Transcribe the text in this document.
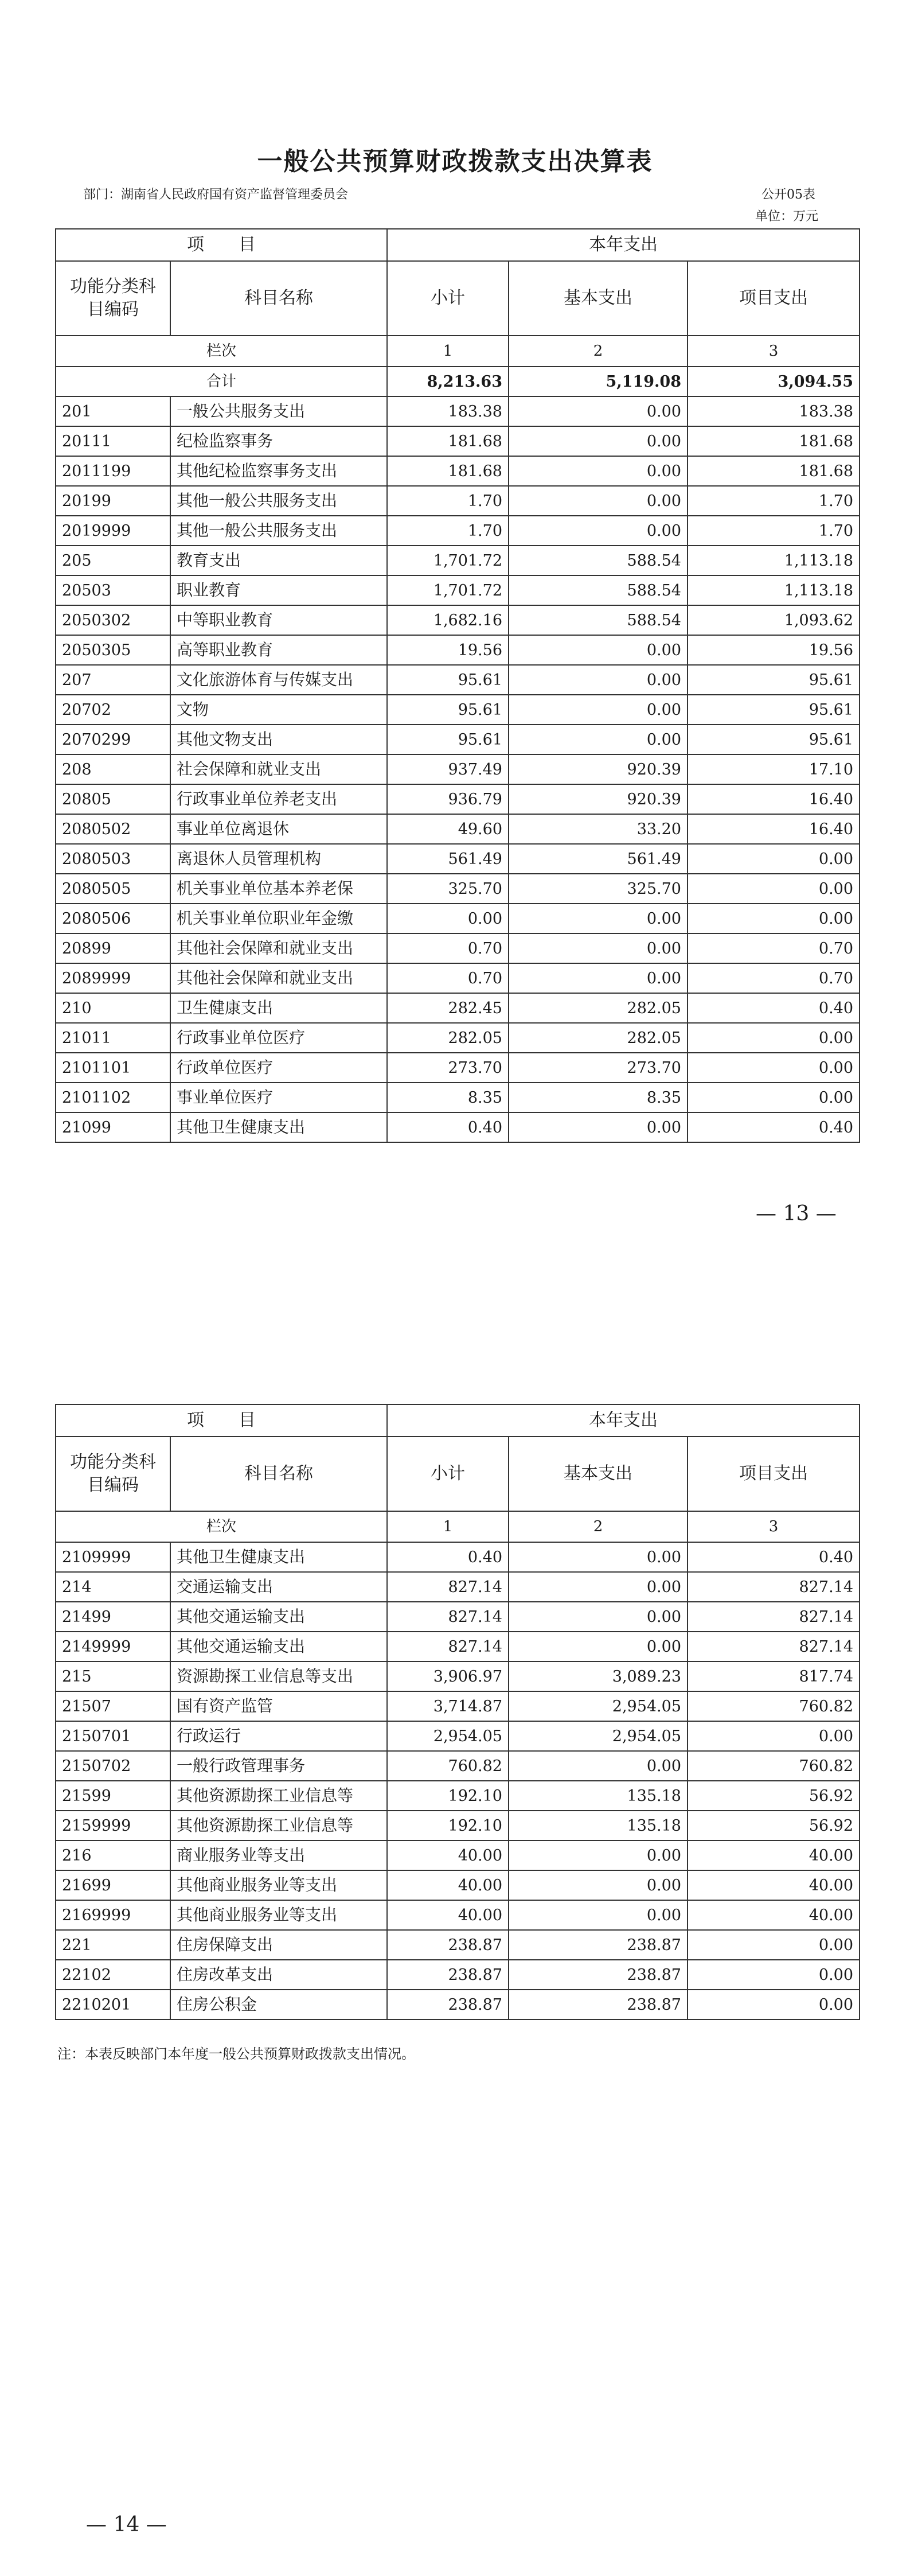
一般公共预算财政拨款支出决算表
部门：湖南省人民政府国有资产监督管理委员会	公开05表
单位：万元
项　　目		本年支出		
功能分类科目编码	科目名称	小计	基本支出	项目支出
栏次		1	2	3
合计		8,213.63	5,119.08	3,094.55
201	一般公共服务支出	183.38	0.00	183.38
20111	纪检监察事务	181.68	0.00	181.68
2011199	其他纪检监察事务支出	181.68	0.00	181.68
20199	其他一般公共服务支出	1.70	0.00	1.70
2019999	其他一般公共服务支出	1.70	0.00	1.70
205	教育支出	1,701.72	588.54	1,113.18
20503	职业教育	1,701.72	588.54	1,113.18
2050302	中等职业教育	1,682.16	588.54	1,093.62
2050305	高等职业教育	19.56	0.00	19.56
207	文化旅游体育与传媒支出	95.61	0.00	95.61
20702	文物	95.61	0.00	95.61
2070299	其他文物支出	95.61	0.00	95.61
208	社会保障和就业支出	937.49	920.39	17.10
20805	行政事业单位养老支出	936.79	920.39	16.40
2080502	事业单位离退休	49.60	33.20	16.40
2080503	离退休人员管理机构	561.49	561.49	0.00
2080505	机关事业单位基本养老保	325.70	325.70	0.00
2080506	机关事业单位职业年金缴	0.00	0.00	0.00
20899	其他社会保障和就业支出	0.70	0.00	0.70
2089999	其他社会保障和就业支出	0.70	0.00	0.70
210	卫生健康支出	282.45	282.05	0.40
21011	行政事业单位医疗	282.05	282.05	0.00
2101101	行政单位医疗	273.70	273.70	0.00
2101102	事业单位医疗	8.35	8.35	0.00
21099	其他卫生健康支出	0.40	0.00	0.40
— 13 —
项　　目		本年支出		
功能分类科目编码	科目名称	小计	基本支出	项目支出
栏次		1	2	3
2109999	其他卫生健康支出	0.40	0.00	0.40
214	交通运输支出	827.14	0.00	827.14
21499	其他交通运输支出	827.14	0.00	827.14
2149999	其他交通运输支出	827.14	0.00	827.14
215	资源勘探工业信息等支出	3,906.97	3,089.23	817.74
21507	国有资产监管	3,714.87	2,954.05	760.82
2150701	行政运行	2,954.05	2,954.05	0.00
2150702	一般行政管理事务	760.82	0.00	760.82
21599	其他资源勘探工业信息等	192.10	135.18	56.92
2159999	其他资源勘探工业信息等	192.10	135.18	56.92
216	商业服务业等支出	40.00	0.00	40.00
21699	其他商业服务业等支出	40.00	0.00	40.00
2169999	其他商业服务业等支出	40.00	0.00	40.00
221	住房保障支出	238.87	238.87	0.00
22102	住房改革支出	238.87	238.87	0.00
2210201	住房公积金	238.87	238.87	0.00
注：本表反映部门本年度一般公共预算财政拨款支出情况。
— 14 —
